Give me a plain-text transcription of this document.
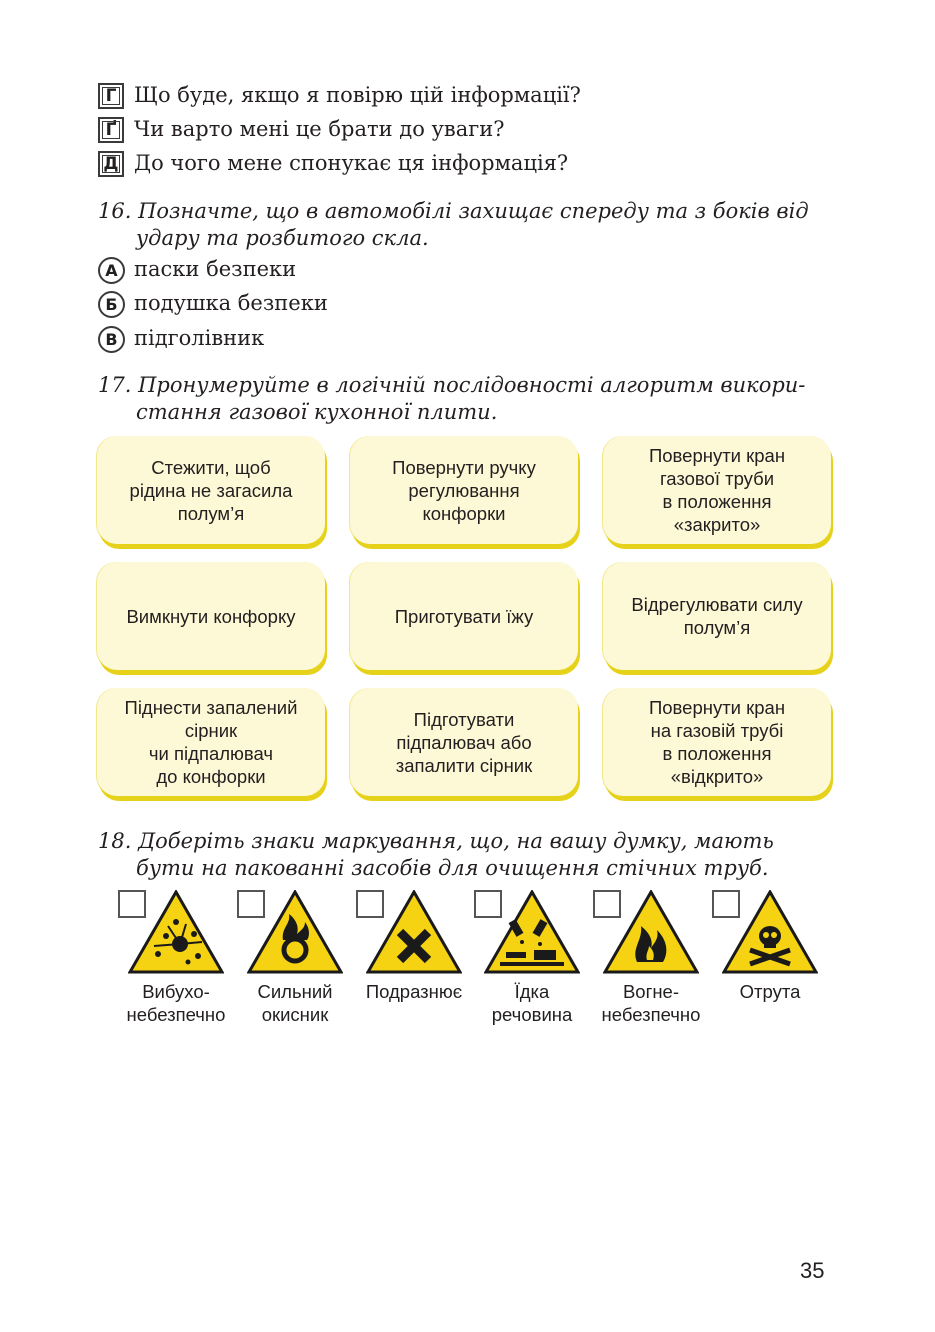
Г Що буде, якщо я повірю цій інформації?
Ґ Чи варто мені це брати до уваги?
Д До чого мене спонукає ця інформація?
16. Позначте, що в автомобілі захищає спереду та з боків від
удару та розбитого скла.
А паски безпеки
Б подушка безпеки
В підголівник
17. Пронумеруйте в логічній послідовності алгоритм викори-
стання газової кухонної плити.
Стежити, щоб
рідина не загасила
полум’я
Повернути ручку
регулювання
конфорки
Повернути кран
газової труби
в положення
«закрито»
Вимкнути конфорку	Приготувати їжу
Відрегулювати силу
полум’я
Піднести запалений
сірник
чи підпалювач
до конфорки
Підготувати
підпалювач або
запалити сірник
Повернути кран
на газовій трубі
в положення
«відкрито»
18. Доберіть знаки маркування, що, на вашу думку, мають
бути на пакованні засобів для очищення стічних труб.
Вибухо-
небезпечно
Сильний
окисник
Подразнює	Їдка
речовина
Вогне-
небезпечно
Отрута
35
